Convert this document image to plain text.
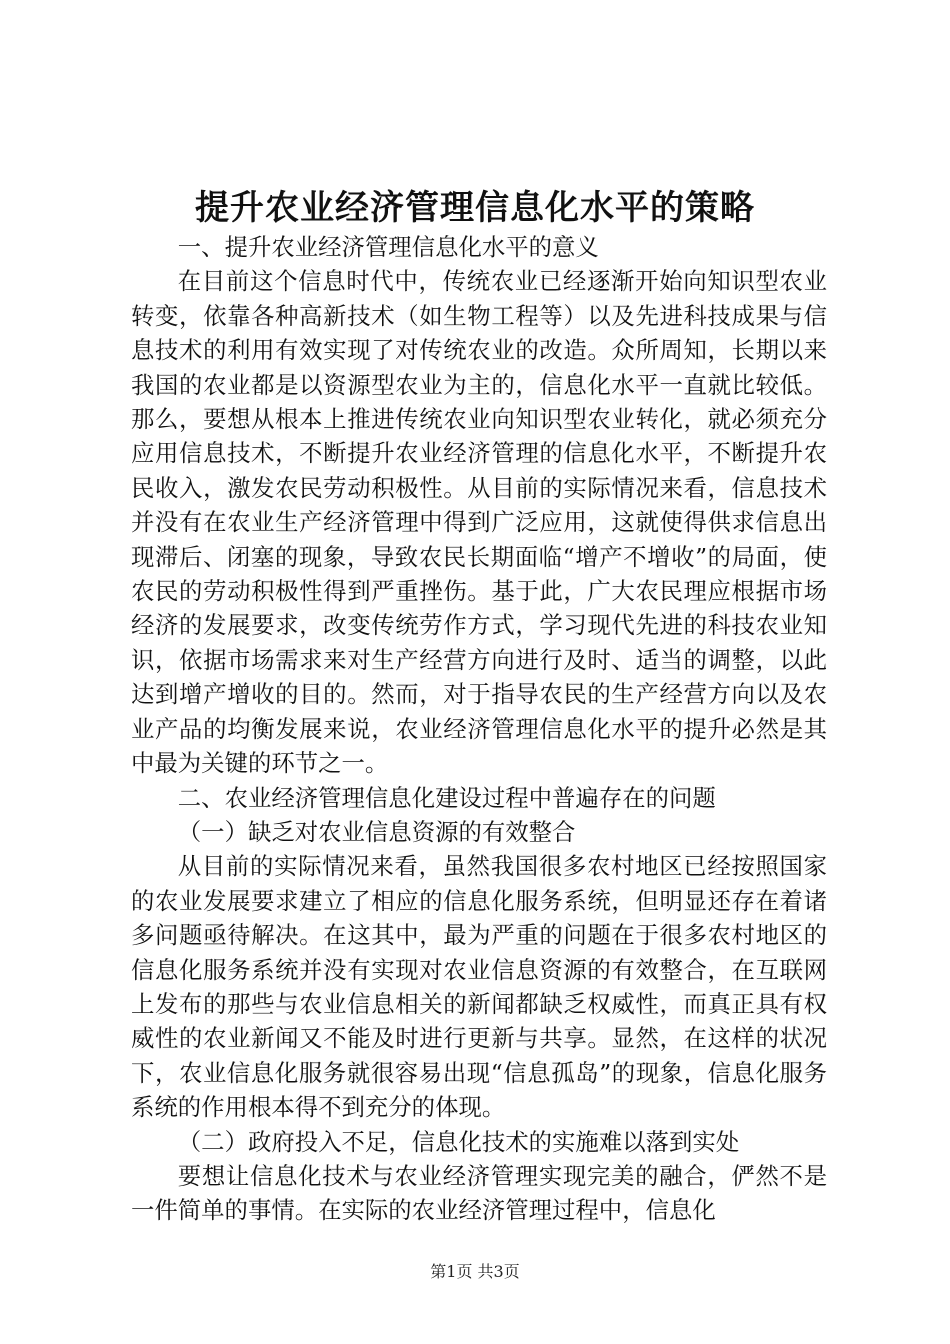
提升农业经济管理信息化水平的策略

一、提升农业经济管理信息化水平的意义

在目前这个信息时代中，传统农业已经逐渐开始向知识型农业转变，依靠各种高新技术（如生物工程等）以及先进科技成果与信息技术的利用有效实现了对传统农业的改造。众所周知，长期以来我国的农业都是以资源型农业为主的，信息化水平一直就比较低。那么，要想从根本上推进传统农业向知识型农业转化，就必须充分应用信息技术，不断提升农业经济管理的信息化水平，不断提升农民收入，激发农民劳动积极性。从目前的实际情况来看，信息技术并没有在农业生产经济管理中得到广泛应用，这就使得供求信息出现滞后、闭塞的现象，导致农民长期面临“增产不增收”的局面，使农民的劳动积极性得到严重挫伤。基于此，广大农民理应根据市场经济的发展要求，改变传统劳作方式，学习现代先进的科技农业知识，依据市场需求来对生产经营方向进行及时、适当的调整，以此达到增产增收的目的。然而，对于指导农民的生产经营方向以及农业产品的均衡发展来说，农业经济管理信息化水平的提升必然是其中最为关键的环节之一。

二、农业经济管理信息化建设过程中普遍存在的问题

（一）缺乏对农业信息资源的有效整合

从目前的实际情况来看，虽然我国很多农村地区已经按照国家的农业发展要求建立了相应的信息化服务系统，但明显还存在着诸多问题亟待解决。在这其中，最为严重的问题在于很多农村地区的信息化服务系统并没有实现对农业信息资源的有效整合，在互联网上发布的那些与农业信息相关的新闻都缺乏权威性，而真正具有权威性的农业新闻又不能及时进行更新与共享。显然，在这样的状况下，农业信息化服务就很容易出现“信息孤岛”的现象，信息化服务系统的作用根本得不到充分的体现。

（二）政府投入不足，信息化技术的实施难以落到实处

要想让信息化技术与农业经济管理实现完美的融合，俨然不是一件简单的事情。在实际的农业经济管理过程中，信息化

第1页 共3页
